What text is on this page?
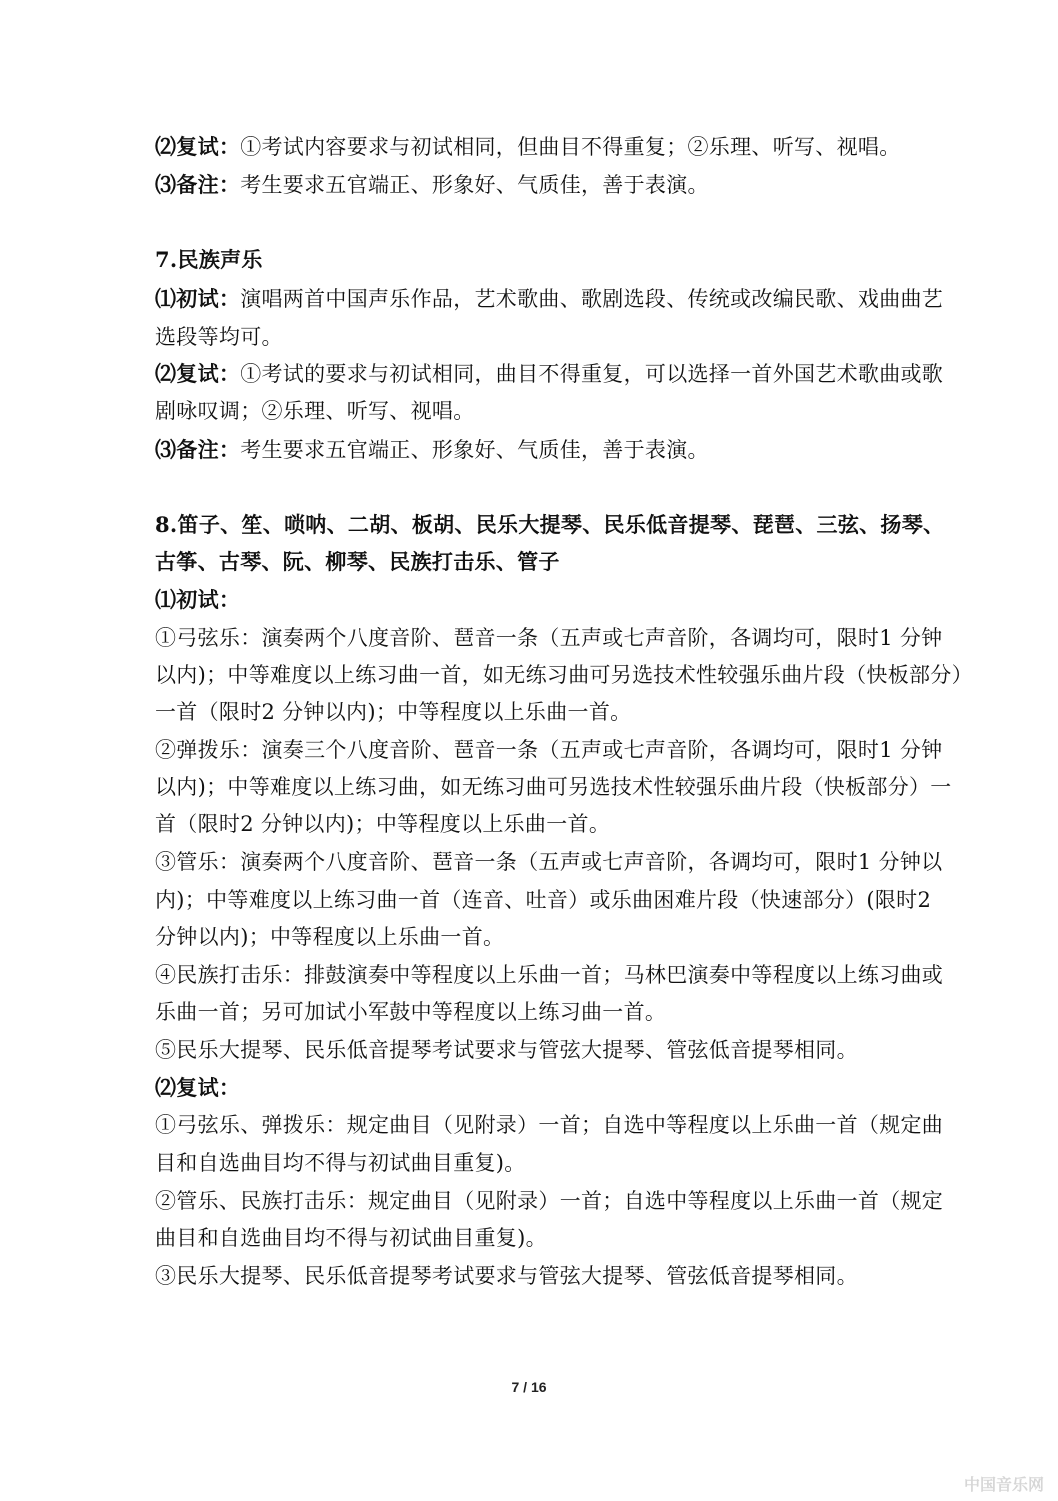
⑵复试：①考试内容要求与初试相同，但曲目不得重复；②乐理、听写、视唱。
⑶备注：考生要求五官端正、形象好、气质佳，善于表演。
7.民族声乐
⑴初试：演唱两首中国声乐作品，艺术歌曲、歌剧选段、传统或改编民歌、戏曲曲艺
选段等均可。
⑵复试：①考试的要求与初试相同，曲目不得重复，可以选择一首外国艺术歌曲或歌
剧咏叹调；②乐理、听写、视唱。
⑶备注：考生要求五官端正、形象好、气质佳，善于表演。
8.笛子、笙、唢呐、二胡、板胡、民乐大提琴、民乐低音提琴、琵琶、三弦、扬琴、
古筝、古琴、阮、柳琴、民族打击乐、管子
⑴初试：
①弓弦乐：演奏两个八度音阶、琶音一条（五声或七声音阶，各调均可，限时1 分钟
以内)；中等难度以上练习曲一首，如无练习曲可另选技术性较强乐曲片段（快板部分）
一首（限时2 分钟以内)；中等程度以上乐曲一首。
②弹拨乐：演奏三个八度音阶、琶音一条（五声或七声音阶，各调均可，限时1 分钟
以内)；中等难度以上练习曲，如无练习曲可另选技术性较强乐曲片段（快板部分）一
首（限时2 分钟以内)；中等程度以上乐曲一首。
③管乐：演奏两个八度音阶、琶音一条（五声或七声音阶，各调均可，限时1 分钟以
内)；中等难度以上练习曲一首（连音、吐音）或乐曲困难片段（快速部分）(限时2
分钟以内)；中等程度以上乐曲一首。
④民族打击乐：排鼓演奏中等程度以上乐曲一首；马林巴演奏中等程度以上练习曲或
乐曲一首；另可加试小军鼓中等程度以上练习曲一首。
⑤民乐大提琴、民乐低音提琴考试要求与管弦大提琴、管弦低音提琴相同。
⑵复试：
①弓弦乐、弹拨乐：规定曲目（见附录）一首；自选中等程度以上乐曲一首（规定曲
目和自选曲目均不得与初试曲目重复)。
②管乐、民族打击乐：规定曲目（见附录）一首；自选中等程度以上乐曲一首（规定
曲目和自选曲目均不得与初试曲目重复)。
③民乐大提琴、民乐低音提琴考试要求与管弦大提琴、管弦低音提琴相同。
7 / 16
中国音乐网
